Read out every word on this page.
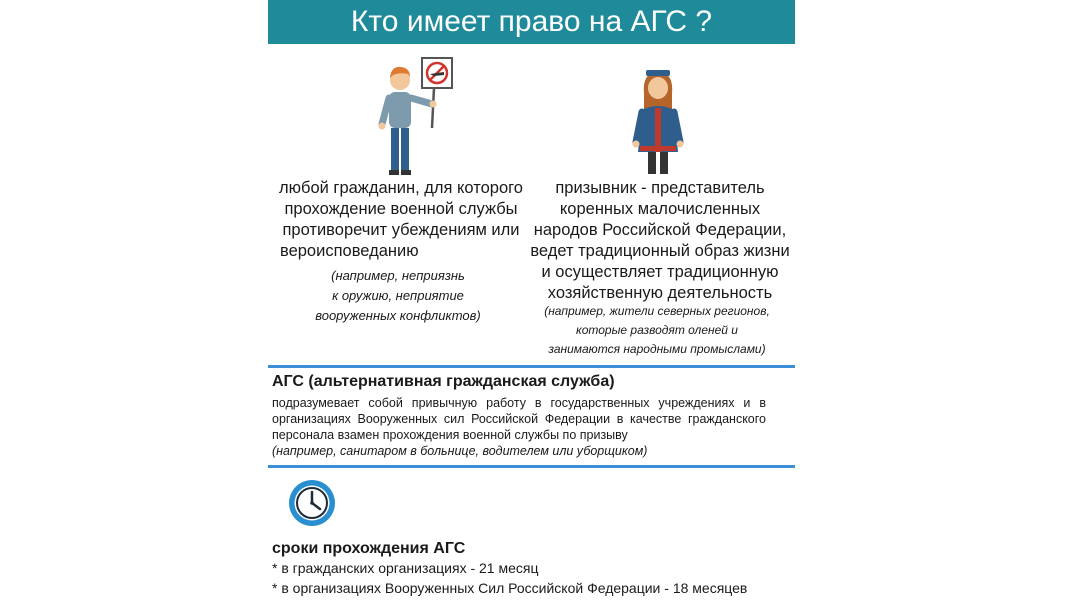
Кто имеет право на АГС ?
любой гражданин, для которого
прохождение военной службы
противоречит убеждениям или
вероисповеданию
(например, неприязнь
к оружию, неприятие
вооруженных конфликтов)
призывник - представитель
коренных малочисленных
народов Российской Федерации,
ведет традиционный образ жизни
и осуществляет традиционную
хозяйственную деятельность
(например, жители северных регионов,
которые разводят оленей и
занимаются народными промыслами)
АГС (альтернативная гражданская служба)
подразумевает собой привычную работу в государственных учреждениях и в организациях Вооруженных сил Российской Федерации в качестве гражданского персонала взамен прохождения военной службы по призыву
(например, санитаром в больнице, водителем или уборщиком)
сроки прохождения АГС
* в гражданских организациях - 21 месяц
* в организациях Вооруженных Сил Российской Федерации - 18 месяцев
